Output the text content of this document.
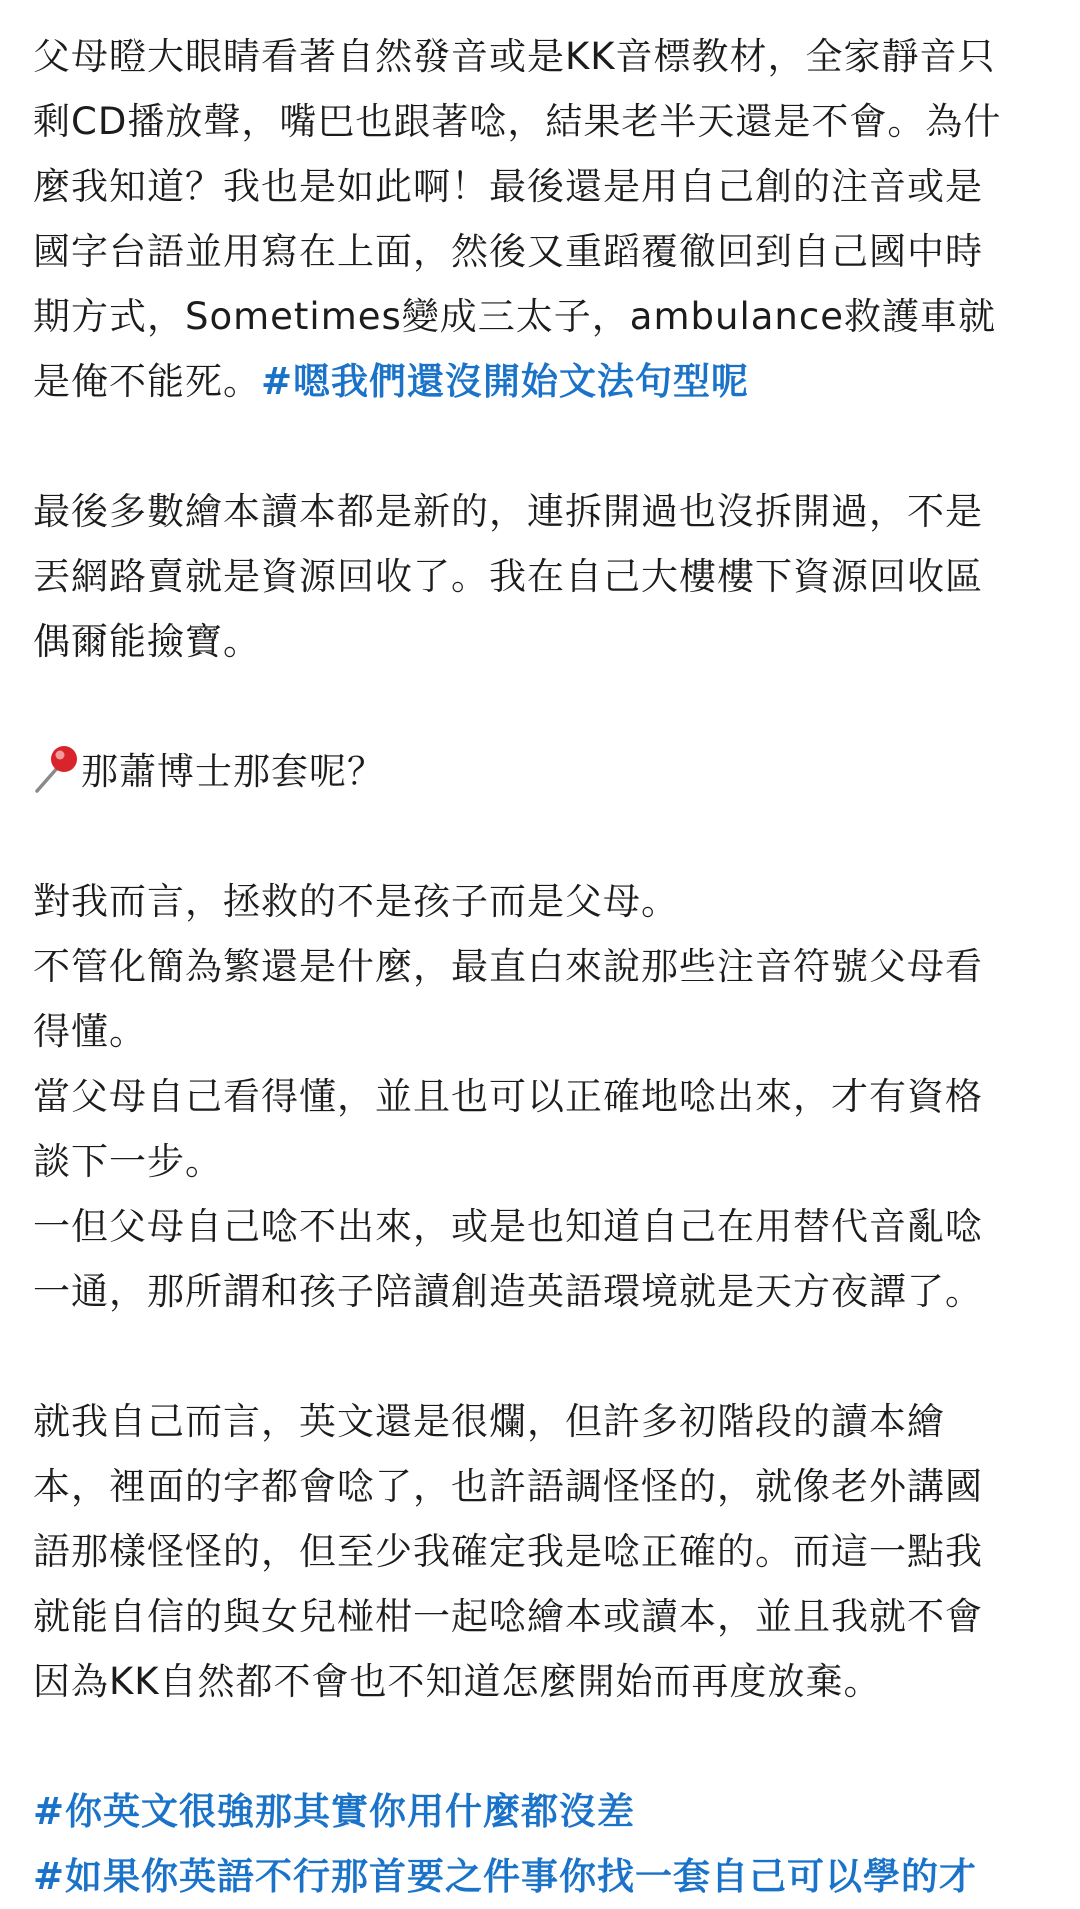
父母瞪大眼睛看著自然發音或是KK音標教材，全家靜音只
剩CD播放聲，嘴巴也跟著唸，結果老半天還是不會。為什
麼我知道？我也是如此啊！最後還是用自己創的注音或是
國字台語並用寫在上面，然後又重蹈覆徹回到自己國中時
期方式，Sometimes變成三太子，ambulance救護車就
是俺不能死。#嗯我們還沒開始文法句型呢

最後多數繪本讀本都是新的，連拆開過也沒拆開過，不是
丟網路賣就是資源回收了。我在自己大樓樓下資源回收區
偶爾能撿寶。

那蕭博士那套呢？

對我而言，拯救的不是孩子而是父母。
不管化簡為繁還是什麼，最直白來說那些注音符號父母看
得懂。
當父母自己看得懂，並且也可以正確地唸出來，才有資格
談下一步。
一但父母自己唸不出來，或是也知道自己在用替代音亂唸
一通，那所謂和孩子陪讀創造英語環境就是天方夜譚了。

就我自己而言，英文還是很爛，但許多初階段的讀本繪
本，裡面的字都會唸了，也許語調怪怪的，就像老外講國
語那樣怪怪的，但至少我確定我是唸正確的。而這一點我
就能自信的與女兒椪柑一起唸繪本或讀本，並且我就不會
因為KK自然都不會也不知道怎麼開始而再度放棄。

#你英文很強那其實你用什麼都沒差

#如果你英語不行那首要之件事你找一套自己可以學的才
